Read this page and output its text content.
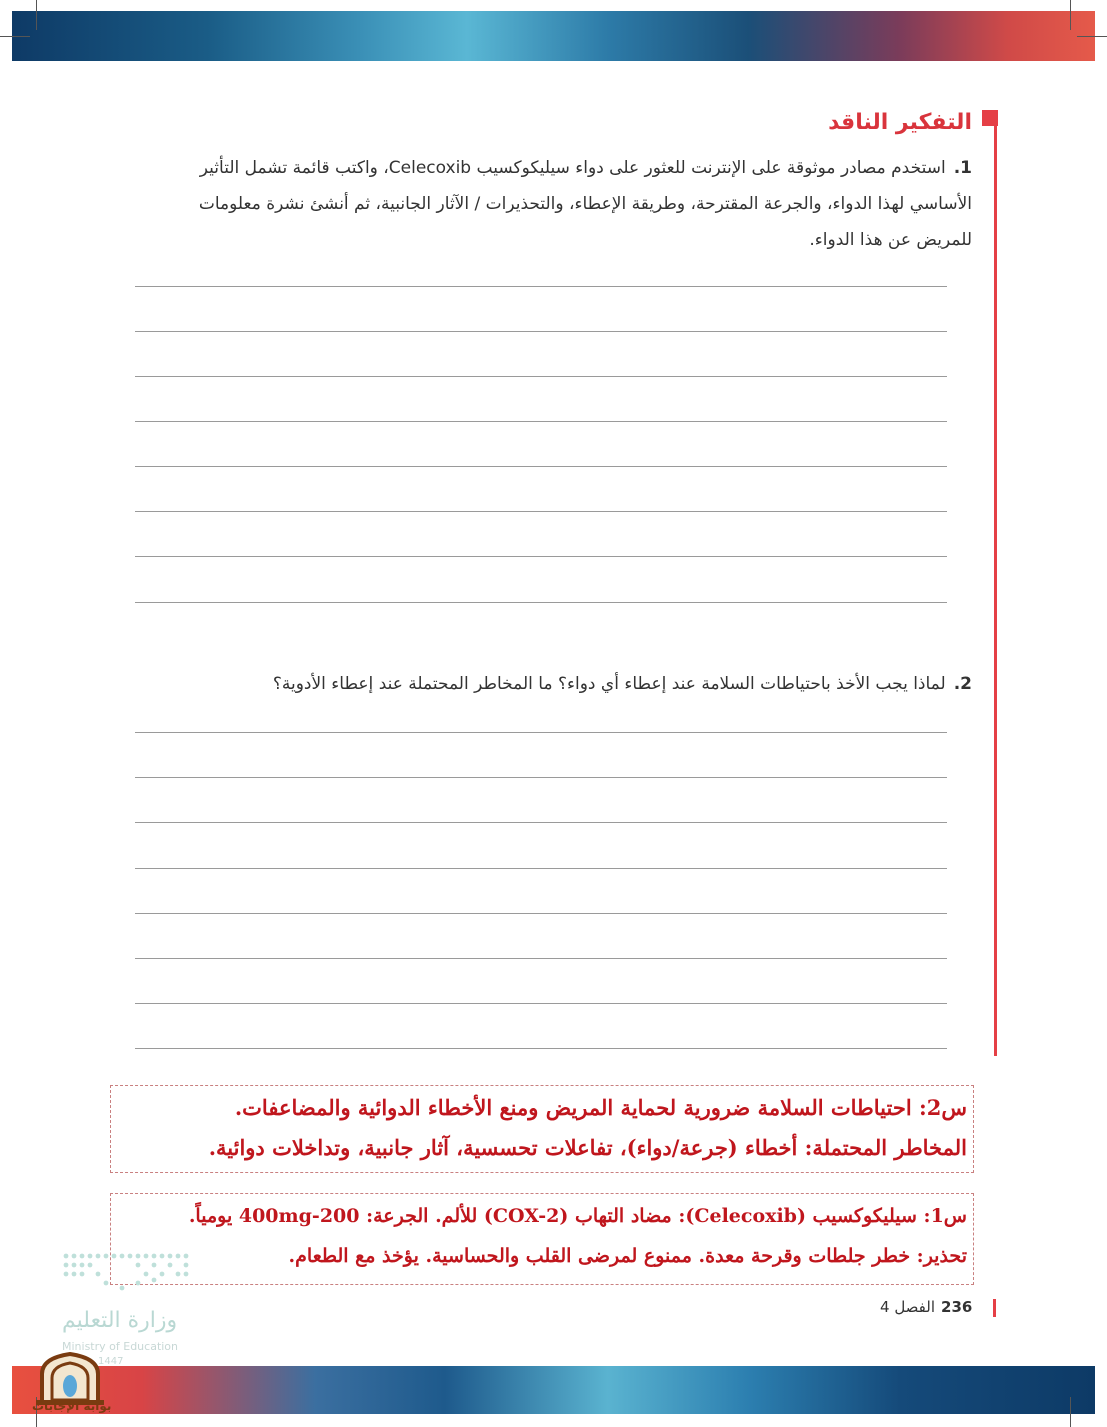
التفكير الناقد
1.استخدم مصادر موثوقة على الإنترنت للعثور على دواء سيليكوكسيب Celecoxib، واكتب قائمة تشمل التأثير الأساسي لهذا الدواء، والجرعة المقترحة، وطريقة الإعطاء، والتحذيرات / الآثار الجانبية، ثم أنشئ نشرة معلومات للمريض عن هذا الدواء.
2.لماذا يجب الأخذ باحتياطات السلامة عند إعطاء أي دواء؟ ما المخاطر المحتملة عند إعطاء الأدوية؟
س2: احتياطات السلامة ضرورية لحماية المريض ومنع الأخطاء الدوائية والمضاعفات.
المخاطر المحتملة: أخطاء (جرعة/دواء)، تفاعلات تحسسية، آثار جانبية، وتداخلات دوائية.
س1: سيليكوكسيب (Celecoxib): مضاد التهاب (COX-2) للألم. الجرعة: 200-400mg يومياً.
تحذير: خطر جلطات وقرحة معدة. ممنوع لمرضى القلب والحساسية. يؤخذ مع الطعام.
236الفصل 4
وزارة التعليم
Ministry of Education
1447
بوابة الإجابات
